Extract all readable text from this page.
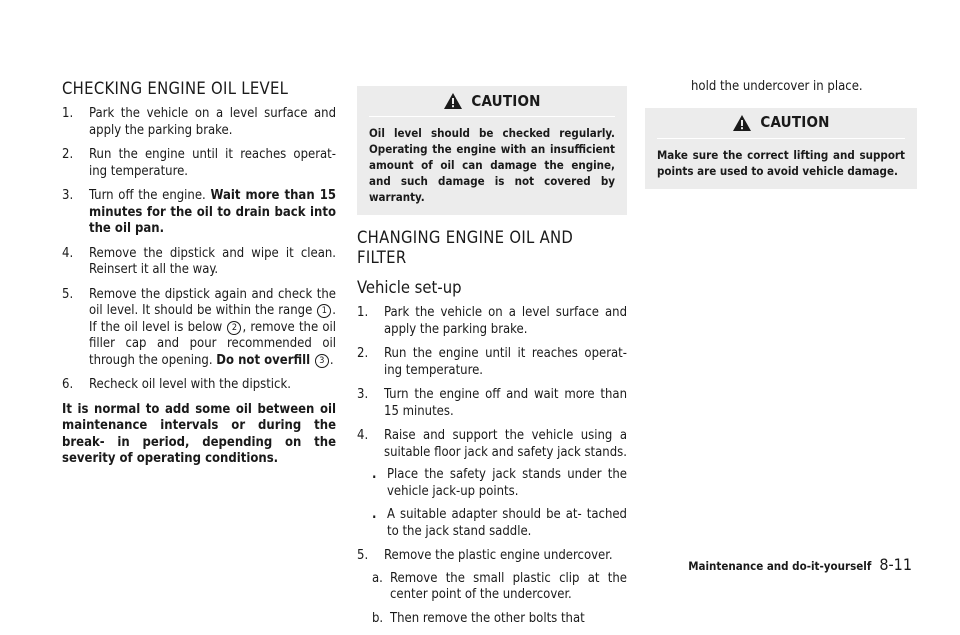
CHECKING ENGINE OIL LEVEL
1. Park the vehicle on a level surface and apply the parking brake.
2. Run the engine until it reaches operat- ing temperature.
3. Turn off the engine. Wait more than 15 minutes for the oil to drain back into the oil pan.
4. Remove the dipstick and wipe it clean. Reinsert it all the way.
5. Remove the dipstick again and check the oil level. It should be within the range 1 . If the oil level is below 2 , remove the oil filler cap and pour recommended oil through the opening. Do not overfill 3 .
6. Recheck oil level with the dipstick.

It is normal to add some oil between oil maintenance intervals or during the break- in period, depending on the severity of operating conditions.

CAUTION
Oil level should be checked regularly. Operating the engine with an insufficient amount of oil can damage the engine, and such damage is not covered by warranty.
CHANGING ENGINE OIL AND FILTER
Vehicle set-up
1. Park the vehicle on a level surface and apply the parking brake.
2. Run the engine until it reaches operat- ing temperature.
3. Turn the engine off and wait more than 15 minutes.
4. Raise and support the vehicle using a suitable floor jack and safety jack stands.
. Place the safety jack stands under the vehicle jack-up points.
. A suitable adapter should be at- tached to the jack stand saddle.
5. Remove the plastic engine undercover.
a. Remove the small plastic clip at the center point of the undercover.
b. Then remove the other bolts that

hold the undercover in place.

CAUTION
Make sure the correct lifting and support points are used to avoid vehicle damage.
Maintenance and do-it-yourself 8-11
